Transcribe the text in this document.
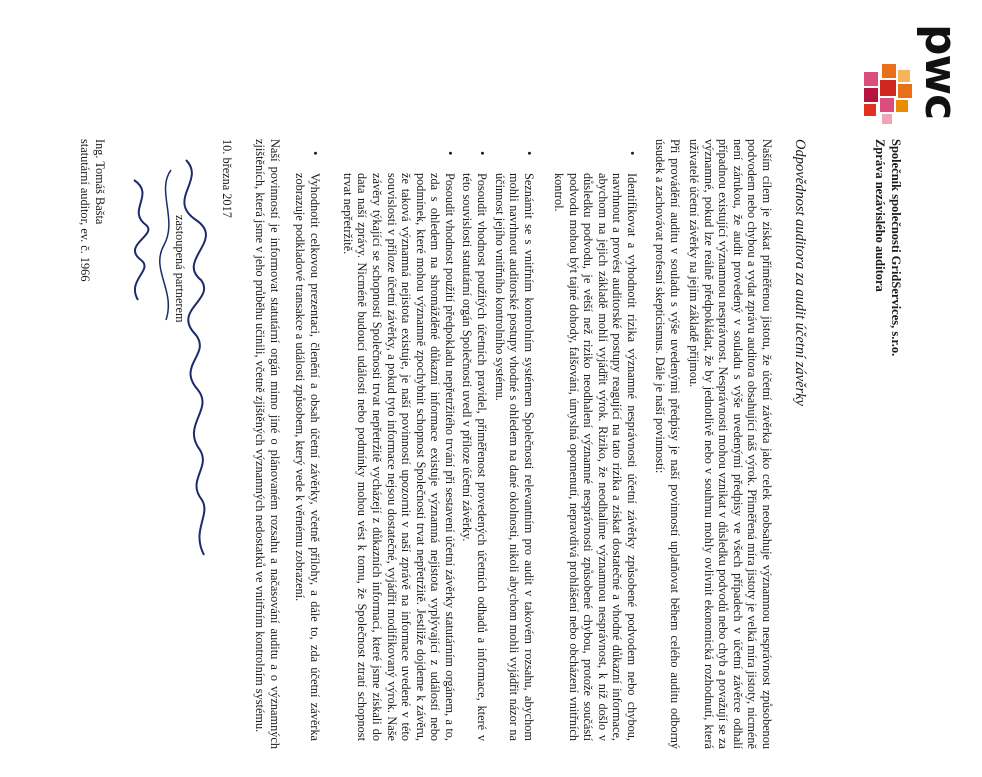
pwc
Společník společnosti GridServices, s.r.o.
Zpráva nezávislého auditora
Odpovědnost auditora za audit účetní závěrky
Naším cílem je získat přiměřenou jistotu, že účetní závěrka jako celek neobsahuje významnou nesprávnost způsobenou podvodem nebo chybou a vydat zprávu auditora obsahující náš výrok. Přiměřená míra jistoty je velká míra jistoty, nicméně není zárukou, že audit provedený v souladu s výše uvedenými předpisy ve všech případech v účetní závěrce odhalí případnou existující významnou nesprávnost. Nesprávnosti mohou vznikat v důsledku podvodů nebo chyb a považují se za významné, pokud lze reálně předpokládat, že by jednotlivě nebo v souhrnu mohly ovlivnit ekonomická rozhodnutí, která uživatelé účetní závěrky na jejím základě přijmou.
Při provádění auditu v souladu s výše uvedenými předpisy je naší povinností uplatňovat během celého auditu odborný úsudek a zachovávat profesní skepticismus. Dále je naší povinností:
•
Identifikovat a vyhodnotit rizika významné nesprávnosti účetní závěrky způsobené podvodem nebo chybou, navrhnout a provést auditorské postupy reagující na tato rizika a získat dostatečné a vhodné důkazní informace, abychom na jejich základě mohli vyjádřit výrok. Riziko, že neodhalíme významnou nesprávnost, k níž došlo v důsledku podvodu, je větší než riziko neodhalení významné nesprávnosti způsobené chybou, protože součástí podvodu mohou být tajné dohody, falšování, úmyslná opomenutí, nepravdivá prohlášení nebo obcházení vnitřních kontrol.
•
Seznámit se s vnitřním kontrolním systémem Společnosti relevantním pro audit v takovém rozsahu, abychom mohli navrhnout auditorské postupy vhodné s ohledem na dané okolnosti, nikoli abychom mohli vyjádřit názor na účinnost jejího vnitřního kontrolního systému.
•
Posoudit vhodnost použitých účetních pravidel, přiměřenost provedených účetních odhadů a informace, které v této souvislosti statutární orgán Společnosti uvedl v příloze účetní závěrky.
•
Posoudit vhodnost použití předpokladu nepřetržitého trvání při sestavení účetní závěrky statutárním orgánem, a to, zda s ohledem na shromážděné důkazní informace existuje významná nejistota vyplývající z událostí nebo podmínek, které mohou významně zpochybnit schopnost Společnosti trvat nepřetržitě. Jestliže dojdeme k závěru, že taková významná nejistota existuje, je naší povinností upozornit v naší zprávě na informace uvedené v této souvislosti v příloze účetní závěrky, a pokud tyto informace nejsou dostatečné, vyjádřit modifikovaný výrok. Naše závěry týkající se schopnosti Společnosti trvat nepřetržitě vycházejí z důkazních informací, které jsme získali do data naší zprávy. Nicméně budoucí události nebo podmínky mohou vést k tomu, že Společnost ztratí schopnost trvat nepřetržitě.
•
Vyhodnotit celkovou prezentaci, členění a obsah účetní závěrky, včetně přílohy, a dále to, zda účetní závěrka zobrazuje podkladové transakce a události způsobem, který vede k věrnému zobrazení.
Naší povinností je informovat statutární orgán mimo jiné o plánovaném rozsahu a načasování auditu a o významných zjištěních, která jsme v jeho průběhu učinili, včetně zjištěných významných nedostatků ve vnitřním kontrolním systému.
10. března 2017
zastoupená partnerem
Ing. Tomáš Bašta
statutární auditor, ev. č. 1966
